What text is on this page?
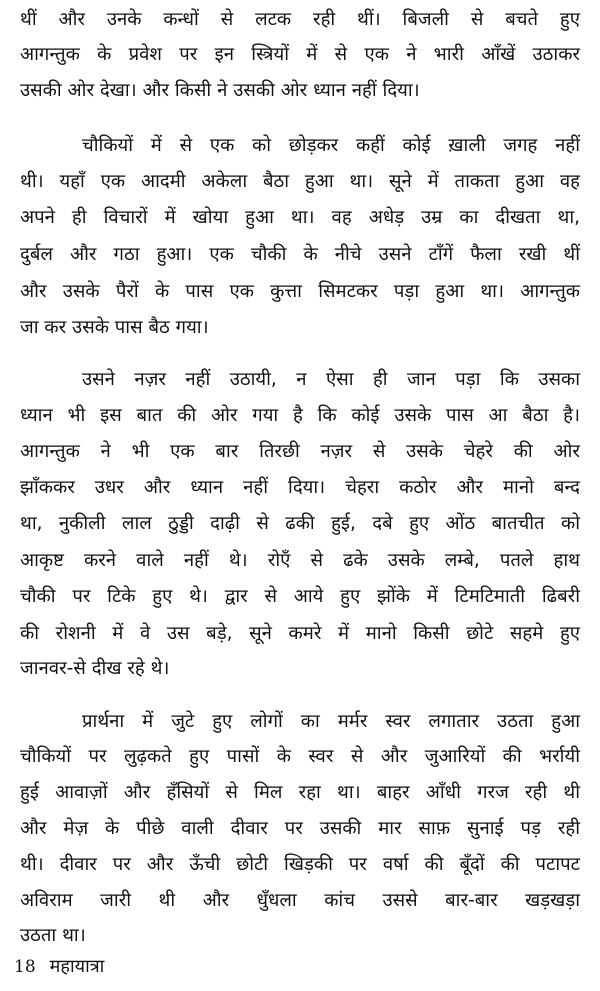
थीं और उनके कन्धों से लटक रही थीं। बिजली से बचते हुए
आगन्तुक के प्रवेश पर इन स्त्रियों में से एक ने भारी आँखें उठाकर
उसकी ओर देखा। और किसी ने उसकी ओर ध्यान नहीं दिया।
चौकियों में से एक को छोड़कर कहीं कोई ख़ाली जगह नहीं
थी। यहाँ एक आदमी अकेला बैठा हुआ था। सूने में ताकता हुआ वह
अपने ही विचारों में खोया हुआ था। वह अधेड़ उम्र का दीखता था,
दुर्बल और गठा हुआ। एक चौकी के नीचे उसने टाँगें फैला रखी थीं
और उसके पैरों के पास एक कुत्ता सिमटकर पड़ा हुआ था। आगन्तुक
जा कर उसके पास बैठ गया।
उसने नज़र नहीं उठायी, न ऐसा ही जान पड़ा कि उसका
ध्यान भी इस बात की ओर गया है कि कोई उसके पास आ बैठा है।
आगन्तुक ने भी एक बार तिरछी नज़र से उसके चेहरे की ओर
झाँककर उधर और ध्यान नहीं दिया। चेहरा कठोर और मानो बन्द
था, नुकीली लाल ठुड्डी दाढ़ी से ढकी हुई, दबे हुए ओंठ बातचीत को
आकृष्ट करने वाले नहीं थे। रोएँ से ढके उसके लम्बे, पतले हाथ
चौकी पर टिके हुए थे। द्वार से आये हुए झोंके में टिमटिमाती ढिबरी
की रोशनी में वे उस बड़े, सूने कमरे में मानो किसी छोटे सहमे हुए
जानवर-से दीख रहे थे।
प्रार्थना में जुटे हुए लोगों का मर्मर स्वर लगातार उठता हुआ
चौकियों पर लुढ़कते हुए पासों के स्वर से और जुआरियों की भर्रायी
हुई आवाज़ों और हँसियों से मिल रहा था। बाहर आँधी गरज रही थी
और मेज़ के पीछे वाली दीवार पर उसकी मार साफ़ सुनाई पड़ रही
थी। दीवार पर और ऊँची छोटी खिड़की पर वर्षा की बूँदों की पटापट
अविराम जारी थी और धुँधला कांच उससे बार-बार खड़खड़ा
उठता था।
18 महायात्रा
